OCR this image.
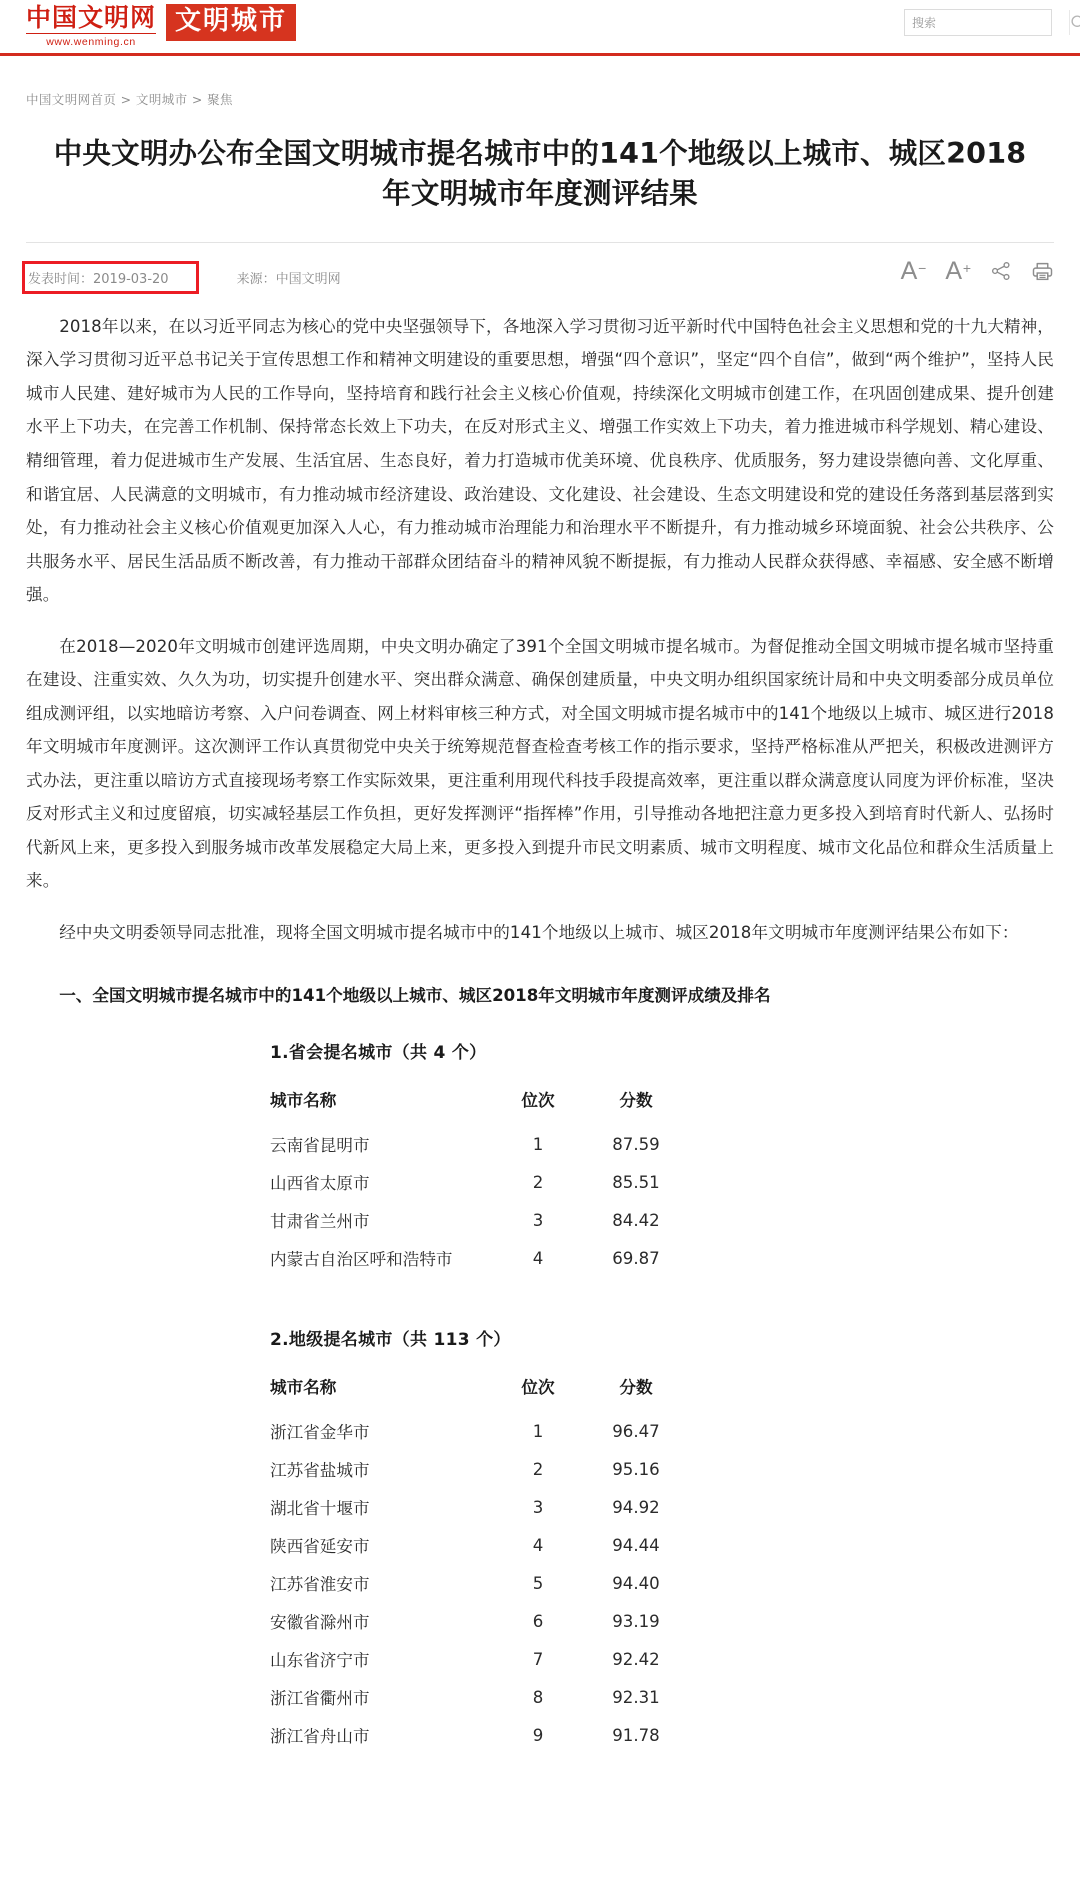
中国文明网
www.wenming.cn
文明城市
搜索
中国文明网首页 > 文明城市 > 聚焦
中央文明办公布全国文明城市提名城市中的141个地级以上城市、城区2018年文明城市年度测评结果
发表时间：2019-03-20	来源：中国文明网	A − A +

2018年以来，在以习近平同志为核心的党中央坚强领导下，各地深入学习贯彻习近平新时代中国特色社会主义思想和党的十九大精神，深入学习贯彻习近平总书记关于宣传思想工作和精神文明建设的重要思想，增强“四个意识”，坚定“四个自信”，做到“两个维护”，坚持人民城市人民建、建好城市为人民的工作导向，坚持培育和践行社会主义核心价值观，持续深化文明城市创建工作，在巩固创建成果、提升创建水平上下功夫，在完善工作机制、保持常态长效上下功夫，在反对形式主义、增强工作实效上下功夫，着力推进城市科学规划、精心建设、精细管理，着力促进城市生产发展、生活宜居、生态良好，着力打造城市优美环境、优良秩序、优质服务，努力建设崇德向善、文化厚重、和谐宜居、人民满意的文明城市，有力推动城市经济建设、政治建设、文化建设、社会建设、生态文明建设和党的建设任务落到基层落到实处，有力推动社会主义核心价值观更加深入人心，有力推动城市治理能力和治理水平不断提升，有力推动城乡环境面貌、社会公共秩序、公共服务水平、居民生活品质不断改善，有力推动干部群众团结奋斗的精神风貌不断提振，有力推动人民群众获得感、幸福感、安全感不断增强。

在2018—2020年文明城市创建评选周期，中央文明办确定了391个全国文明城市提名城市。为督促推动全国文明城市提名城市坚持重在建设、注重实效、久久为功，切实提升创建水平、突出群众满意、确保创建质量，中央文明办组织国家统计局和中央文明委部分成员单位组成测评组，以实地暗访考察、入户问卷调查、网上材料审核三种方式，对全国文明城市提名城市中的141个地级以上城市、城区进行2018年文明城市年度测评。这次测评工作认真贯彻党中央关于统筹规范督查检查考核工作的指示要求，坚持严格标准从严把关，积极改进测评方式办法，更注重以暗访方式直接现场考察工作实际效果，更注重利用现代科技手段提高效率，更注重以群众满意度认同度为评价标准，坚决反对形式主义和过度留痕，切实减轻基层工作负担，更好发挥测评“指挥棒”作用，引导推动各地把注意力更多投入到培育时代新人、弘扬时代新风上来，更多投入到服务城市改革发展稳定大局上来，更多投入到提升市民文明素质、城市文明程度、城市文化品位和群众生活质量上来。

经中央文明委领导同志批准，现将全国文明城市提名城市中的141个地级以上城市、城区2018年文明城市年度测评结果公布如下：

一、全国文明城市提名城市中的141个地级以上城市、城区2018年文明城市年度测评成绩及排名
1.省会提名城市（共 4 个）
城市名称	位次	分数
云南省昆明市	1	87.59
山西省太原市	2	85.51
甘肃省兰州市	3	84.42
内蒙古自治区呼和浩特市	4	69.87
2.地级提名城市（共 113 个）
城市名称	位次	分数
浙江省金华市	1	96.47
江苏省盐城市	2	95.16
湖北省十堰市	3	94.92
陕西省延安市	4	94.44
江苏省淮安市	5	94.40
安徽省滁州市	6	93.19
山东省济宁市	7	92.42
浙江省衢州市	8	92.31
浙江省舟山市	9	91.78
